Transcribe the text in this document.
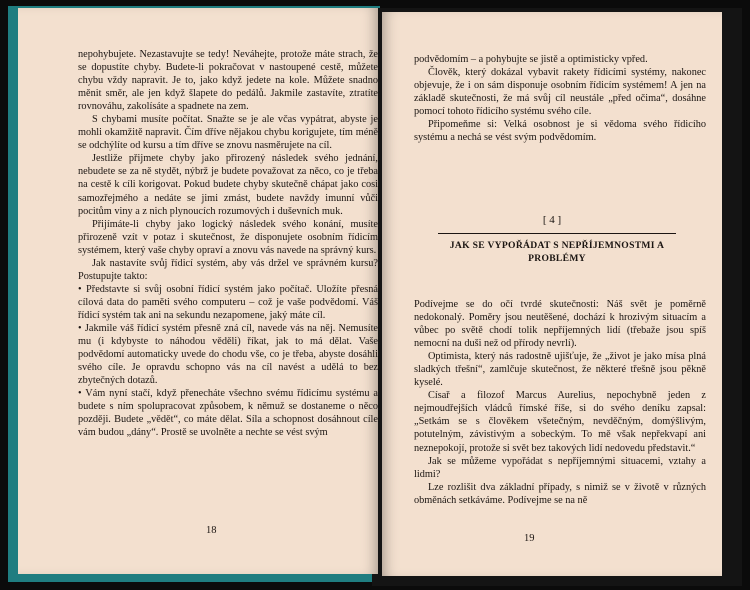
nepohybujete. Nezastavujte se tedy! Neváhejte, protože máte strach, že se dopustíte chyby. Budete-li pokračovat v nastoupené cestě, můžete chybu vždy napravit. Je to, jako když jedete na kole. Můžete snadno měnit směr, ale jen když šlapete do pedálů. Jakmile zastavíte, ztratíte rovnováhu, zakolísáte a spadnete na zem.

S chybami musíte počítat. Snažte se je ale včas vypátrat, abyste je mohli okamžitě napravit. Čím dříve nějakou chybu korigujete, tím méně se odchýlíte od kursu a tím dříve se znovu nasměrujete na cíl.

Jestliže přijmete chyby jako přirozený následek svého jednání, nebudete se za ně stydět, nýbrž je budete považovat za něco, co je třeba na cestě k cíli korigovat. Pokud budete chyby skutečně chápat jako cosi samozřejmého a nedáte se jimi zmást, budete navždy imunní vůči pocitům viny a z nich plynoucích rozumových i duševních muk.

Přijímáte-li chyby jako logický následek svého konání, musíte přirozeně vzít v potaz i skutečnost, že disponujete osobním řídicím systémem, který vaše chyby opraví a znovu vás navede na správný kurs.

Jak nastavíte svůj řídicí systém, aby vás držel ve správném kursu? Postupujte takto:

• Představte si svůj osobní řídicí systém jako počítač. Uložíte přesná cílová data do paměti svého computeru – což je vaše podvědomí. Váš řídicí systém tak ani na sekundu nezapomene, jaký máte cíl.

• Jakmile váš řídicí systém přesně zná cíl, navede vás na něj. Nemusíte mu (i kdybyste to náhodou věděli) říkat, jak to má dělat. Vaše podvědomí automaticky uvede do chodu vše, co je třeba, abyste dosáhli svého cíle. Je opravdu schopno vás na cíl navést a udělá to bez zbytečných dotazů.

• Vám nyní stačí, když přenecháte všechno svému řídicímu systému a budete s ním spolupracovat způsobem, k němuž se dostaneme o něco později. Budete „vědět“, co máte dělat. Síla a schopnost dosáhnout cíle vám budou „dány“. Prostě se uvolněte a nechte se vést svým

18

podvědomím – a pohybujte se jistě a optimisticky vpřed.

Člověk, který dokázal vybavit rakety řídicími systémy, nakonec objevuje, že i on sám disponuje osobním řídicím systémem! A jen na základě skutečnosti, že má svůj cíl neustále „před očima“, dosáhne pomocí tohoto řídicího systému svého cíle.

Připomeňme si: Velká osobnost je si vědoma svého řídicího systému a nechá se vést svým podvědomím.

[ 4 ]
JAK SE VYPOŘÁDAT S NEPŘÍJEMNOSTMI A PROBLÉMY

Podívejme se do očí tvrdé skutečnosti: Náš svět je poměrně nedokonalý. Poměry jsou neutěšené, dochází k hrozivým situacím a vůbec po světě chodí tolik nepříjemných lidí (třebaže jsou spíš nemocní na duši než od přírody nevrlí).

Optimista, který nás radostně ujišťuje, že „život je jako mísa plná sladkých třešní“, zamlčuje skutečnost, že některé třešně jsou pěkně kyselé.

Císař a filozof Marcus Aurelius, nepochybně jeden z nejmoudřejších vládců římské říše, si do svého deníku zapsal: „Setkám se s člověkem všetečným, nevděčným, domýšlivým, potutelným, závistivým a sobeckým. To mě však nepřekvapí ani neznepokojí, protože si svět bez takových lidí nedovedu představit.“

Jak se můžeme vypořádat s nepříjemnými situacemi, vztahy a lidmi?

Lze rozlišit dva základní případy, s nimiž se v životě v různých obměnách setkáváme. Podívejme se na ně

19
